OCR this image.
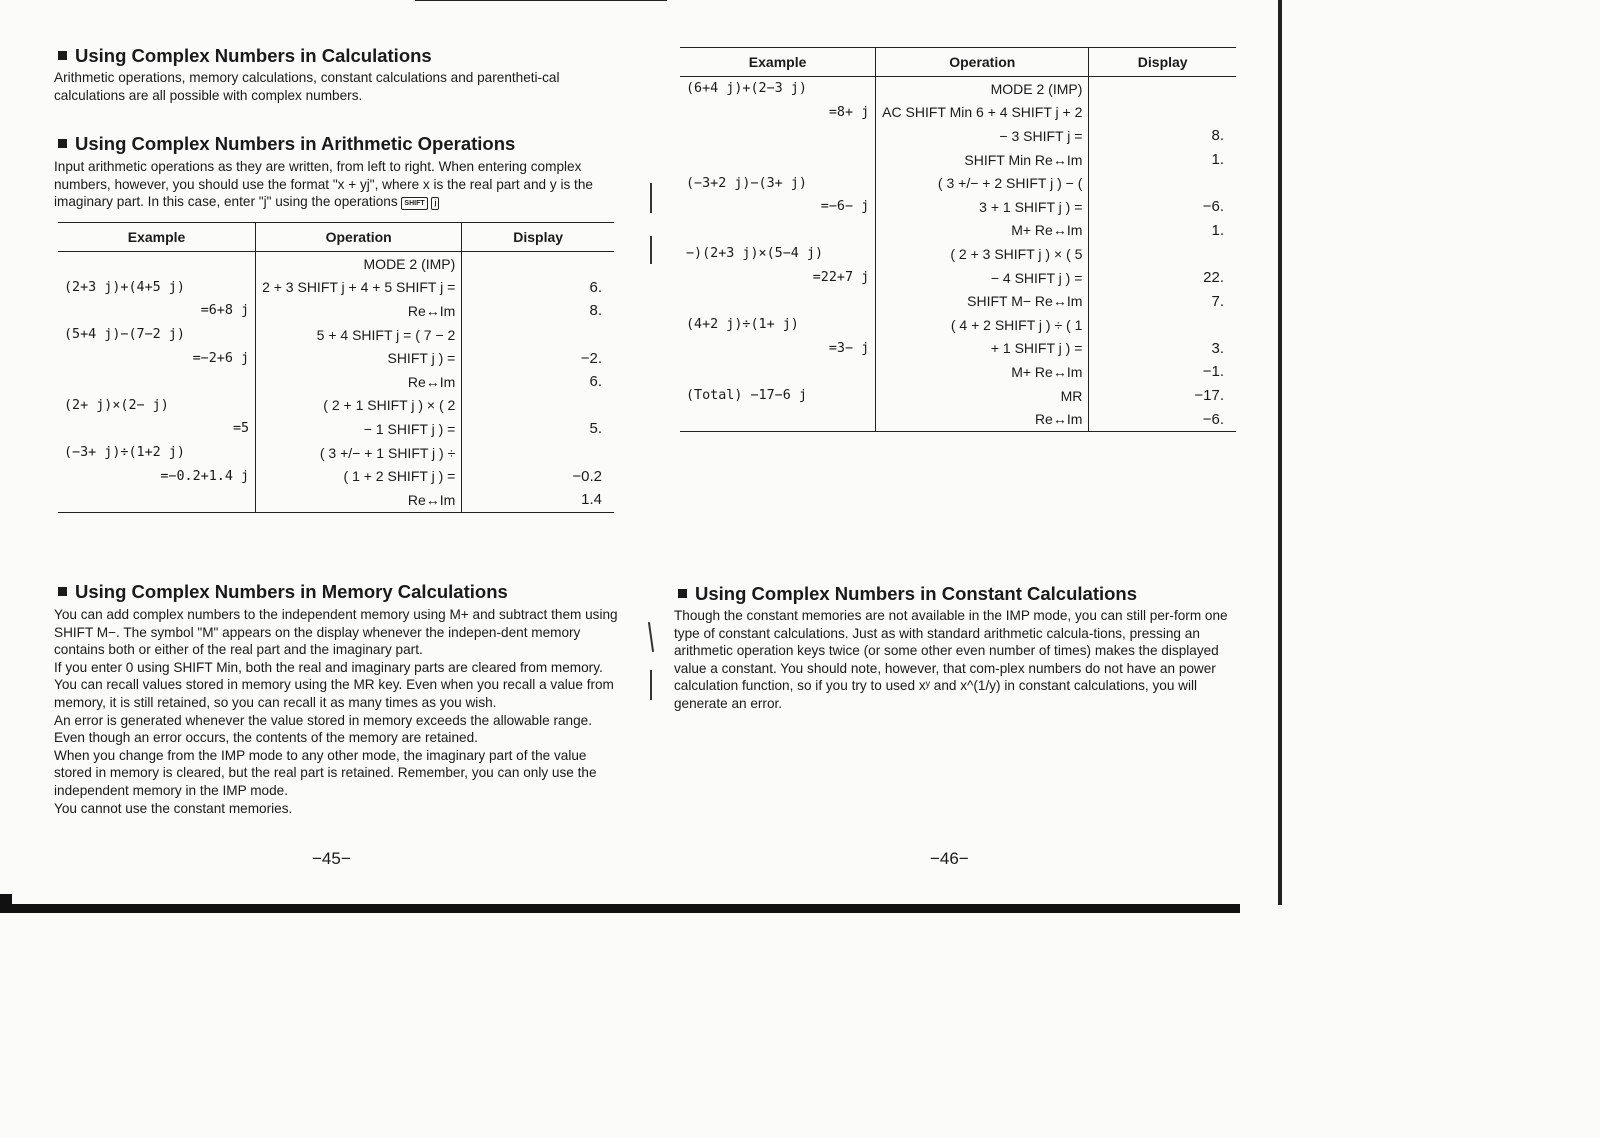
Using Complex Numbers in Calculations

Arithmetic operations, memory calculations, constant calculations and parentheti-cal calculations are all possible with complex numbers.

Using Complex Numbers in Arithmetic Operations

Input arithmetic operations as they are written, from left to right. When entering complex numbers, however, you should use the format "x + yj", where x is the real part and y is the imaginary part. In this case, enter "j" using the operations SHIFT j

Example	Operation	Display
	MODE 2 (IMP)	
(2+3 j)+(4+5 j)	2 + 3 SHIFT j + 4 + 5 SHIFT j =	6.
=6+8 j	Re↔Im	8.
(5+4 j)−(7−2 j)	5 + 4 SHIFT j = ( 7 − 2	
=−2+6 j	SHIFT j ) =	−2.
	Re↔Im	6.
(2+ j)×(2− j)	( 2 + 1 SHIFT j ) × ( 2	
=5	− 1 SHIFT j ) =	5.
(−3+ j)÷(1+2 j)	( 3 +/− + 1 SHIFT j ) ÷	
=−0.2+1.4 j	( 1 + 2 SHIFT j ) =	−0.2
	Re↔Im	1.4
Using Complex Numbers in Memory Calculations

You can add complex numbers to the independent memory using M+ and subtract them using SHIFT M−. The symbol "M" appears on the display whenever the indepen-dent memory contains both or either of the real part and the imaginary part.

If you enter 0 using SHIFT Min, both the real and imaginary parts are cleared from memory.

You can recall values stored in memory using the MR key. Even when you recall a value from memory, it is still retained, so you can recall it as many times as you wish.

An error is generated whenever the value stored in memory exceeds the allowable range. Even though an error occurs, the contents of the memory are retained.

When you change from the IMP mode to any other mode, the imaginary part of the value stored in memory is cleared, but the real part is retained. Remember, you can only use the independent memory in the IMP mode.

You cannot use the constant memories.

−45−
Example	Operation	Display
(6+4 j)+(2−3 j)	MODE 2 (IMP)	
=8+ j	AC SHIFT Min 6 + 4 SHIFT j + 2	
	− 3 SHIFT j =	8.
	SHIFT Min Re↔Im	1.
(−3+2 j)−(3+ j)	( 3 +/− + 2 SHIFT j ) − (	
=−6− j	3 + 1 SHIFT j ) =	−6.
	M+ Re↔Im	1.
−)(2+3 j)×(5−4 j)	( 2 + 3 SHIFT j ) × ( 5	
=22+7 j	− 4 SHIFT j ) =	22.
	SHIFT M− Re↔Im	7.
(4+2 j)÷(1+ j)	( 4 + 2 SHIFT j ) ÷ ( 1	
=3− j	+ 1 SHIFT j ) =	3.
	M+ Re↔Im	−1.
(Total) −17−6 j	MR	−17.
	Re↔Im	−6.
Using Complex Numbers in Constant Calculations

Though the constant memories are not available in the IMP mode, you can still per-form one type of constant calculations. Just as with standard arithmetic calcula-tions, pressing an arithmetic operation keys twice (or some other even number of times) makes the displayed value a constant. You should note, however, that com-plex numbers do not have an power calculation function, so if you try to used xʸ and x^(1/y) in constant calculations, you will generate an error.

−46−
